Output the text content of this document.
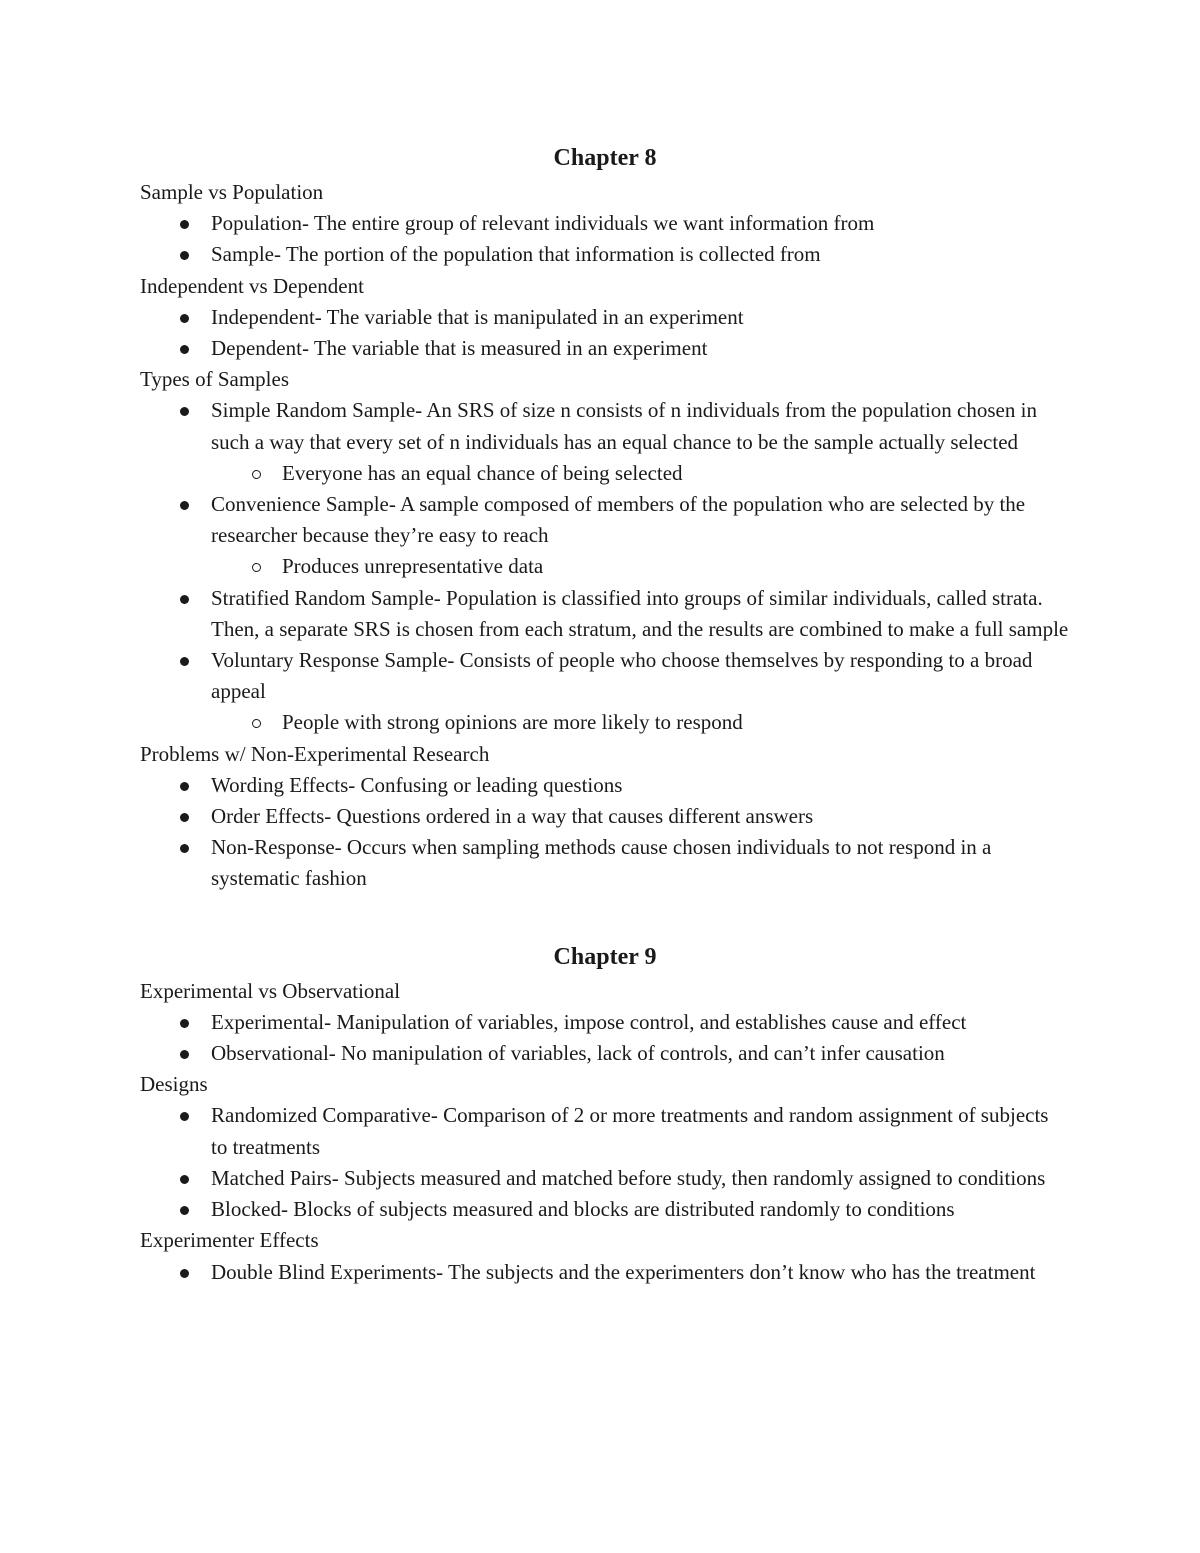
Chapter 8
Sample vs Population
Population- The entire group of relevant individuals we want information from
Sample- The portion of the population that information is collected from
Independent vs Dependent
Independent- The variable that is manipulated in an experiment
Dependent- The variable that is measured in an experiment
Types of Samples
Simple Random Sample- An SRS of size n consists of n individuals from the population chosen in such a way that every set of n individuals has an equal chance to be the sample actually selected
Everyone has an equal chance of being selected
Convenience Sample- A sample composed of members of the population who are selected by the researcher because they’re easy to reach
Produces unrepresentative data
Stratified Random Sample- Population is classified into groups of similar individuals, called strata. Then, a separate SRS is chosen from each stratum, and the results are combined to make a full sample
Voluntary Response Sample- Consists of people who choose themselves by responding to a broad appeal
People with strong opinions are more likely to respond
Problems w/ Non-Experimental Research
Wording Effects- Confusing or leading questions
Order Effects- Questions ordered in a way that causes different answers
Non-Response- Occurs when sampling methods cause chosen individuals to not respond in a systematic fashion
Chapter 9
Experimental vs Observational
Experimental- Manipulation of variables, impose control, and establishes cause and effect
Observational- No manipulation of variables, lack of controls, and can’t infer causation
Designs
Randomized Comparative- Comparison of 2 or more treatments and random assignment of subjects to treatments
Matched Pairs- Subjects measured and matched before study, then randomly assigned to conditions
Blocked- Blocks of subjects measured and blocks are distributed randomly to conditions
Experimenter Effects
Double Blind Experiments- The subjects and the experimenters don’t know who has the treatment
